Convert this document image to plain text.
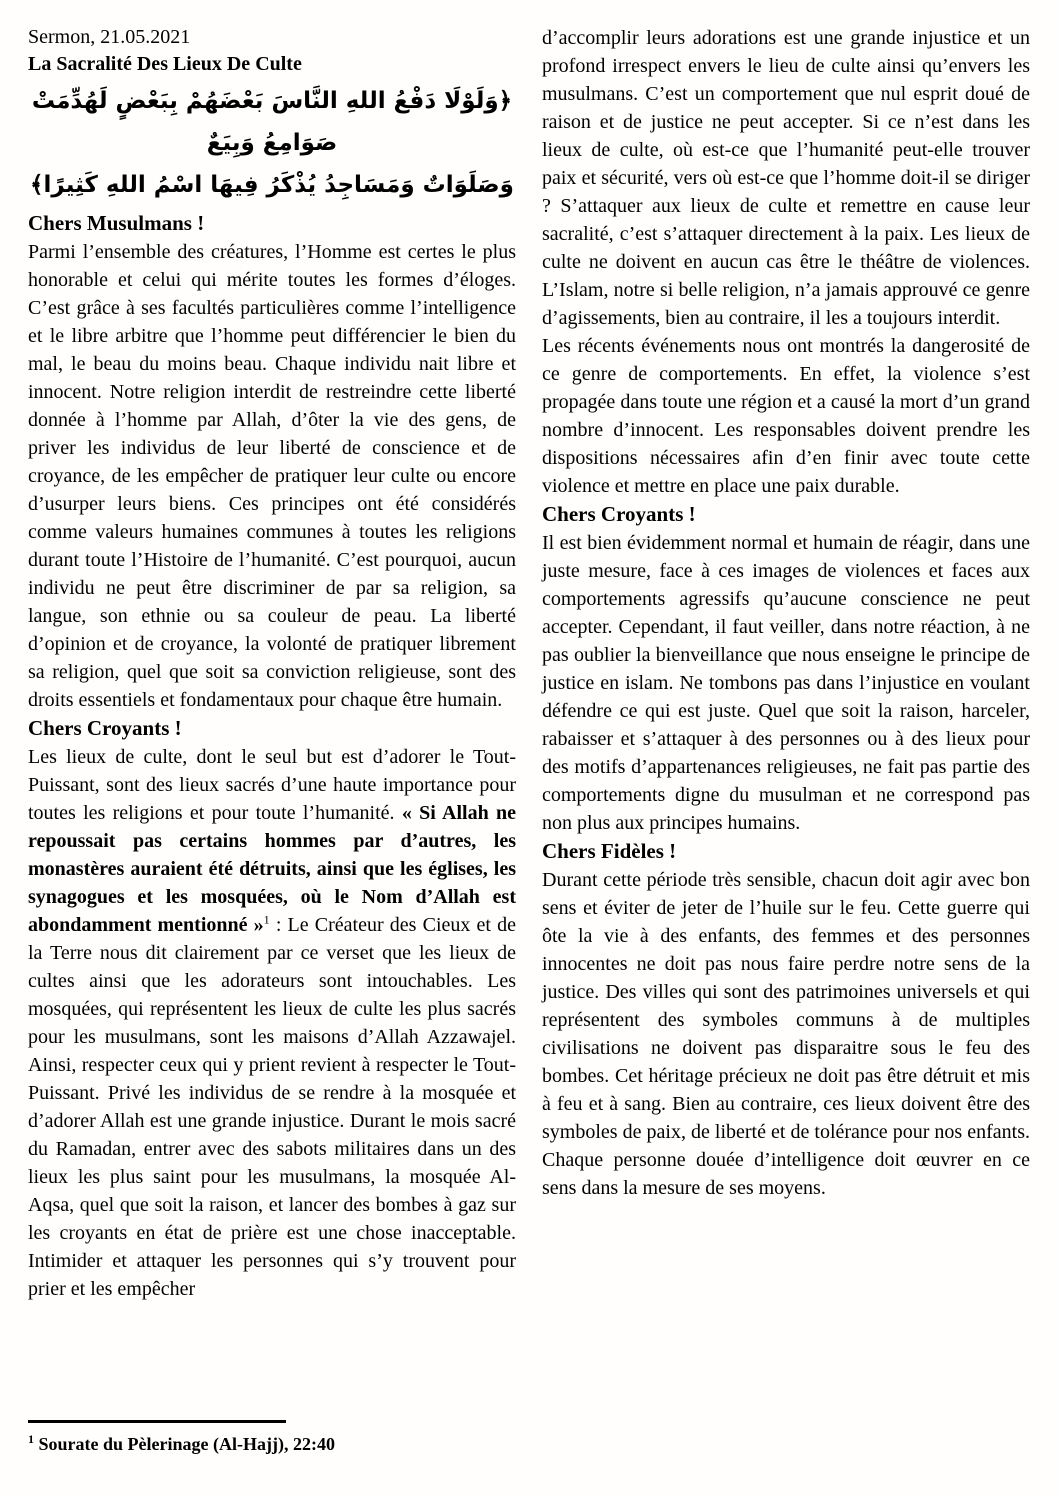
Sermon, 21.05.2021
La Sacralité Des Lieux De Culte
﴿وَلَوْلَا دَفْعُ اللهِ النَّاسَ بَعْضَهُمْ بِبَعْضٍ لَهُدِّمَتْ صَوَامِعُ وَبِيَعٌ
وَصَلَوَاتٌ وَمَسَاجِدُ يُذْكَرُ فِيهَا اسْمُ اللهِ كَثِيرًا﴾
Chers Musulmans !

Parmi l’ensemble des créatures, l’Homme est certes le plus honorable et celui qui mérite toutes les formes d’éloges. C’est grâce à ses facultés particulières comme l’intelligence et le libre arbitre que l’homme peut différencier le bien du mal, le beau du moins beau. Chaque individu nait libre et innocent. Notre religion interdit de restreindre cette liberté donnée à l’homme par Allah, d’ôter la vie des gens, de priver les individus de leur liberté de conscience et de croyance, de les empêcher de pratiquer leur culte ou encore d’usurper leurs biens. Ces principes ont été considérés comme valeurs humaines communes à toutes les religions durant toute l’Histoire de l’humanité. C’est pourquoi, aucun individu ne peut être discriminer de par sa religion, sa langue, son ethnie ou sa couleur de peau. La liberté d’opinion et de croyance, la volonté de pratiquer librement sa religion, quel que soit sa conviction religieuse, sont des droits essentiels et fondamentaux pour chaque être humain.

Chers Croyants !

Les lieux de culte, dont le seul but est d’adorer le Tout-Puissant, sont des lieux sacrés d’une haute importance pour toutes les religions et pour toute l’humanité. « Si Allah ne repoussait pas certains hommes par d’autres, les monastères auraient été détruits, ainsi que les églises, les synagogues et les mosquées, où le Nom d’Allah est abondamment mentionné »$^1$ : Le Créateur des Cieux et de la Terre nous dit clairement par ce verset que les lieux de cultes ainsi que les adorateurs sont intouchables. Les mosquées, qui représentent les lieux de culte les plus sacrés pour les musulmans, sont les maisons d’Allah Azzawajel. Ainsi, respecter ceux qui y prient revient à respecter le Tout-Puissant. Privé les individus de se rendre à la mosquée et d’adorer Allah est une grande injustice. Durant le mois sacré du Ramadan, entrer avec des sabots militaires dans un des lieux les plus saint pour les musulmans, la mosquée Al-Aqsa, quel que soit la raison, et lancer des bombes à gaz sur les croyants en état de prière est une chose inacceptable. Intimider et attaquer les personnes qui s’y trouvent pour prier et les empêcher

d’accomplir leurs adorations est une grande injustice et un profond irrespect envers le lieu de culte ainsi qu’envers les musulmans. C’est un comportement que nul esprit doué de raison et de justice ne peut accepter. Si ce n’est dans les lieux de culte, où est-ce que l’humanité peut-elle trouver paix et sécurité, vers où est-ce que l’homme doit-il se diriger ? S’attaquer aux lieux de culte et remettre en cause leur sacralité, c’est s’attaquer directement à la paix. Les lieux de culte ne doivent en aucun cas être le théâtre de violences. L’Islam, notre si belle religion, n’a jamais approuvé ce genre d’agissements, bien au contraire, il les a toujours interdit.

Les récents événements nous ont montrés la dangerosité de ce genre de comportements. En effet, la violence s’est propagée dans toute une région et a causé la mort d’un grand nombre d’innocent. Les responsables doivent prendre les dispositions nécessaires afin d’en finir avec toute cette violence et mettre en place une paix durable.

Chers Croyants !

Il est bien évidemment normal et humain de réagir, dans une juste mesure, face à ces images de violences et faces aux comportements agressifs qu’aucune conscience ne peut accepter. Cependant, il faut veiller, dans notre réaction, à ne pas oublier la bienveillance que nous enseigne le principe de justice en islam. Ne tombons pas dans l’injustice en voulant défendre ce qui est juste. Quel que soit la raison, harceler, rabaisser et s’attaquer à des personnes ou à des lieux pour des motifs d’appartenances religieuses, ne fait pas partie des comportements digne du musulman et ne correspond pas non plus aux principes humains.

Chers Fidèles !

Durant cette période très sensible, chacun doit agir avec bon sens et éviter de jeter de l’huile sur le feu. Cette guerre qui ôte la vie à des enfants, des femmes et des personnes innocentes ne doit pas nous faire perdre notre sens de la justice. Des villes qui sont des patrimoines universels et qui représentent des symboles communs à de multiples civilisations ne doivent pas disparaitre sous le feu des bombes. Cet héritage précieux ne doit pas être détruit et mis à feu et à sang. Bien au contraire, ces lieux doivent être des symboles de paix, de liberté et de tolérance pour nos enfants. Chaque personne douée d’intelligence doit œuvrer en ce sens dans la mesure de ses moyens.

$^1$ Sourate du Pèlerinage (Al-Hajj), 22:40
